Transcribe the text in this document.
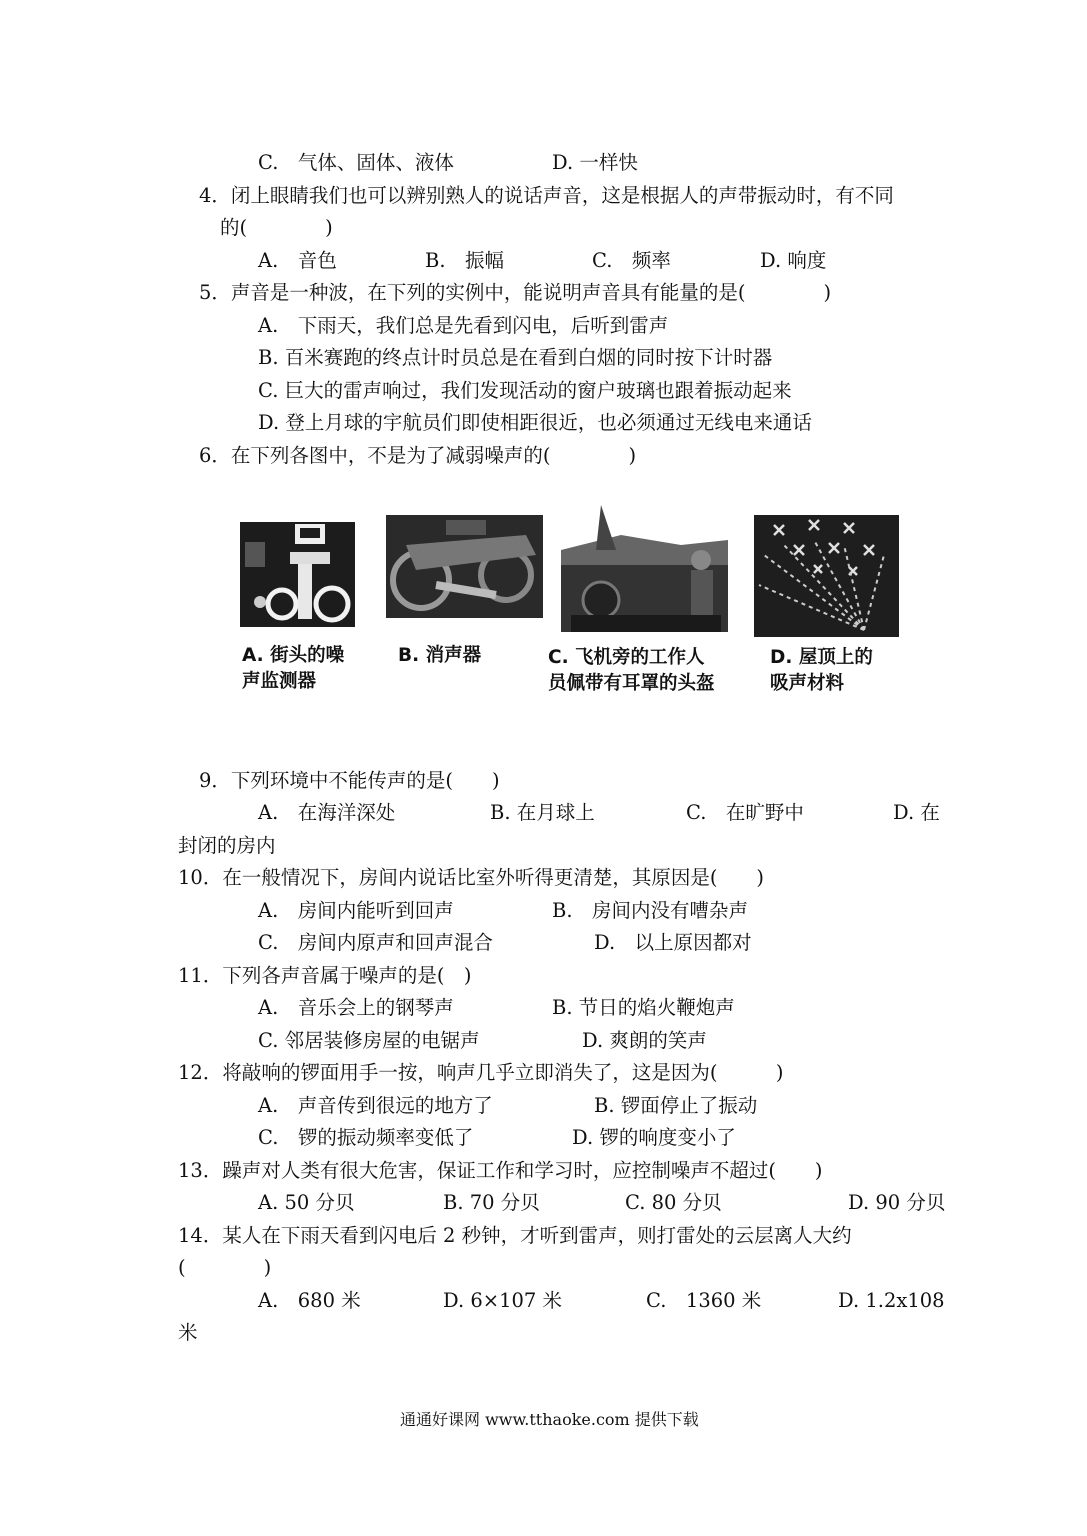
C.　气体、固体、液体	D. 一样快
4．闭上眼睛我们也可以辨别熟人的说话声音，这是根据人的声带振动时，有不同
的(　　　　)
A.　音色	B.　振幅	C.　频率	D. 响度
5．声音是一种波，在下列的实例中，能说明声音具有能量的是(　　　　)
A.　下雨天，我们总是先看到闪电，后听到雷声
B. 百米赛跑的终点计时员总是在看到白烟的同时按下计时器
C. 巨大的雷声响过，我们发现活动的窗户玻璃也跟着振动起来
D. 登上月球的宇航员们即使相距很近，也必须通过无线电来通话
6．在下列各图中，不是为了减弱噪声的(　　　　)
A. 街头的噪
声监测器
B. 消声器	C. 飞机旁的工作人
员佩带有耳罩的头盔
D. 屋顶上的
吸声材料
9．下列环境中不能传声的是(　　)
A.　在海洋深处	B. 在月球上	C.　在旷野中	D. 在
封闭的房内
10．在一般情况下，房间内说话比室外听得更清楚，其原因是(　　)
A.　房间内能听到回声	B.　房间内没有嘈杂声
C.　房间内原声和回声混合	D.　以上原因都对
11．下列各声音属于噪声的是(　)
A.　音乐会上的钢琴声	B. 节日的焰火鞭炮声
C. 邻居装修房屋的电锯声	D. 爽朗的笑声
12．将敲响的锣面用手一按，响声几乎立即消失了，这是因为(　　　)
A.　声音传到很远的地方了	B. 锣面停止了振动
C.　锣的振动频率变低了	D. 锣的响度变小了
13．躁声对人类有很大危害，保证工作和学习时，应控制噪声不超过(　　)
A. 50 分贝	B. 70 分贝	C. 80 分贝	D. 90 分贝
14．某人在下雨天看到闪电后 2 秒钟，才听到雷声，则打雷处的云层离人大约
(　　　　)
A.　680 米	D. 6×107 米	C.　1360 米	D. 1.2x108
米
通通好课网 www.tthaoke.com 提供下载
